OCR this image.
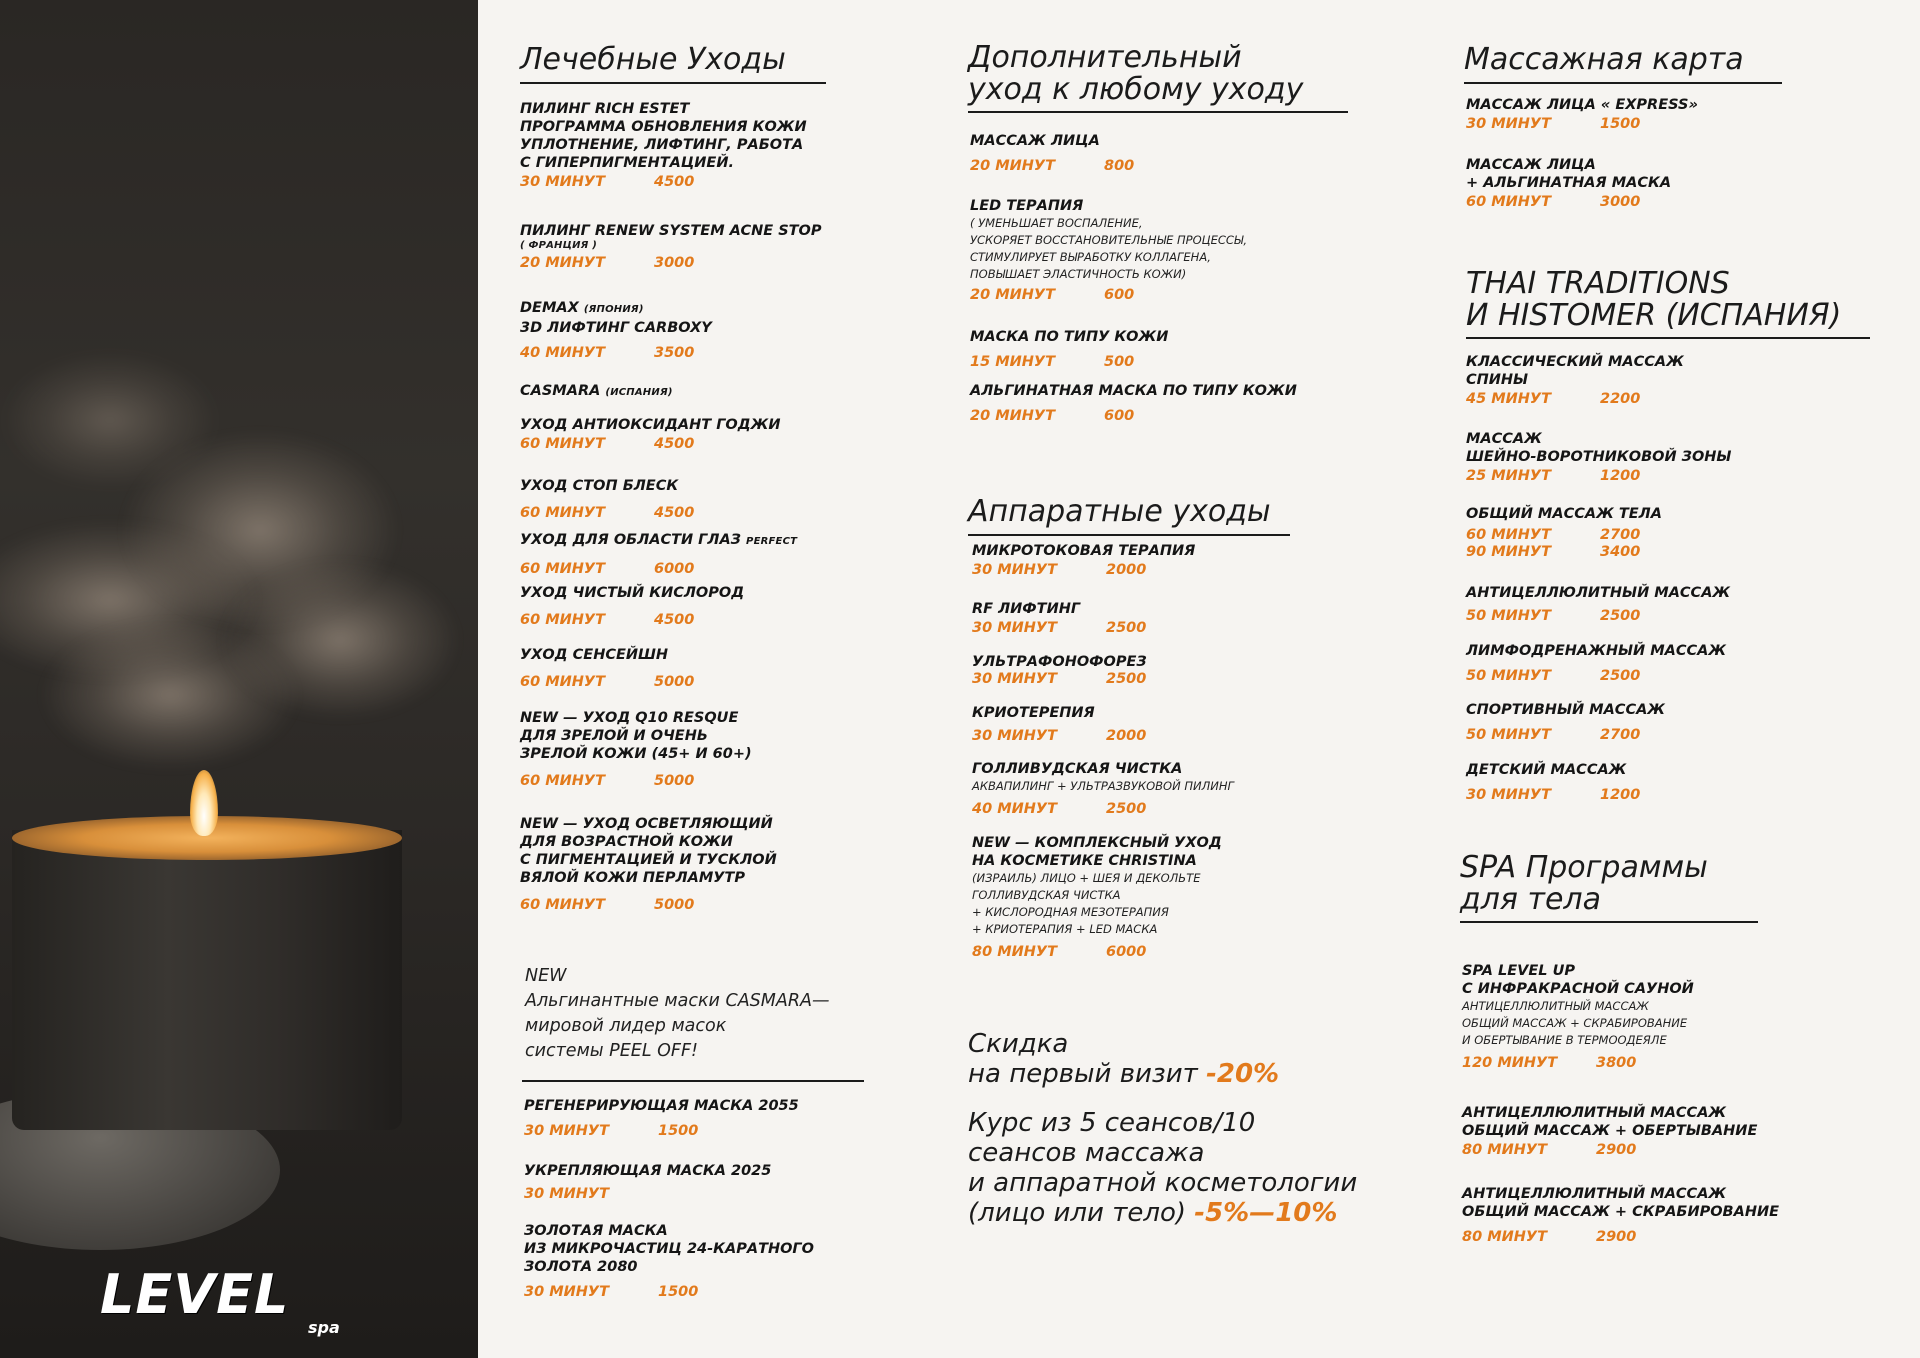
LEVEL
spa
Лечебные Уходы
ПИЛИНГ RICH ESTET
ПРОГРАММА ОБНОВЛЕНИЯ КОЖИ
УПЛОТНЕНИЕ, ЛИФТИНГ, РАБОТА
С ГИПЕРПИГМЕНТАЦИЕЙ.
30 МИНУТ	4500
ПИЛИНГ RENEW SYSTEM ACNE STOP
( ФРАНЦИЯ )
20 МИНУТ	3000
DEMAX (ЯПОНИЯ)
3D ЛИФТИНГ CARBOXY
40 МИНУТ	3500
CASMARA (ИСПАНИЯ)
УХОД АНТИОКСИДАНТ ГОДЖИ
60 МИНУТ	4500
УХОД СТОП БЛЕСК
60 МИНУТ	4500
УХОД ДЛЯ ОБЛАСТИ ГЛАЗ PERFECT
60 МИНУТ	6000
УХОД ЧИСТЫЙ КИСЛОРОД
60 МИНУТ	4500
УХОД СЕНСЕЙШН
60 МИНУТ	5000
NEW — УХОД Q10 RESQUE
ДЛЯ ЗРЕЛОЙ И ОЧЕНЬ
ЗРЕЛОЙ КОЖИ (45+ И 60+)
60 МИНУТ	5000
NEW — УХОД ОСВЕТЛЯЮЩИЙ
ДЛЯ ВОЗРАСТНОЙ КОЖИ
С ПИГМЕНТАЦИЕЙ И ТУСКЛОЙ
ВЯЛОЙ КОЖИ ПЕРЛАМУТР
60 МИНУТ	5000
NEW
Альгинантные маски CASMARA—
мировой лидер масок
системы PEEL OFF!
РЕГЕНЕРИРУЮЩАЯ МАСКА 2055
30 МИНУТ	1500
УКРЕПЛЯЮЩАЯ МАСКА 2025
30 МИНУТ
ЗОЛОТАЯ МАСКА
ИЗ МИКРОЧАСТИЦ 24-КАРАТНОГО
ЗОЛОТА 2080
30 МИНУТ	1500
Дополнительный
уход к любому уходу
МАССАЖ ЛИЦА
20 МИНУТ	800
LED ТЕРАПИЯ
( УМЕНЬШАЕТ ВОСПАЛЕНИЕ,
УСКОРЯЕТ ВОССТАНОВИТЕЛЬНЫЕ ПРОЦЕССЫ,
СТИМУЛИРУЕТ ВЫРАБОТКУ КОЛЛАГЕНА,
ПОВЫШАЕТ ЭЛАСТИЧНОСТЬ КОЖИ)
20 МИНУТ	600
МАСКА ПО ТИПУ КОЖИ
15 МИНУТ	500
АЛЬГИНАТНАЯ МАСКА ПО ТИПУ КОЖИ
20 МИНУТ	600
Аппаратные уходы
МИКРОТОКОВАЯ ТЕРАПИЯ
30 МИНУТ	2000
RF ЛИФТИНГ
30 МИНУТ	2500
УЛЬТРАФОНОФОРЕЗ
30 МИНУТ	2500
КРИОТЕРЕПИЯ
30 МИНУТ	2000
ГОЛЛИВУДСКАЯ ЧИСТКА
АКВАПИЛИНГ + УЛЬТРАЗВУКОВОЙ ПИЛИНГ
40 МИНУТ	2500
NEW — КОМПЛЕКСНЫЙ УХОД
НА КОСМЕТИКЕ CHRISTINA
(ИЗРАИЛЬ) ЛИЦО + ШЕЯ И ДЕКОЛЬТЕ
ГОЛЛИВУДСКАЯ ЧИСТКА
+ КИСЛОРОДНАЯ МЕЗОТЕРАПИЯ
+ КРИОТЕРАПИЯ + LED МАСКА
80 МИНУТ	6000
Скидка
на первый визит -20%
Курс из 5 сеансов/10
сеансов массажа
и аппаратной косметологии
(лицо или тело) -5%—10%
Массажная карта
МАССАЖ ЛИЦА « EXPRESS»
30 МИНУТ	1500
МАССАЖ ЛИЦА
+ АЛЬГИНАТНАЯ МАСКА
60 МИНУТ	3000
THAI TRADITIONS
И HISTOMER (ИСПАНИЯ)
КЛАССИЧЕСКИЙ МАССАЖ
СПИНЫ
45 МИНУТ	2200
МАССАЖ
ШЕЙНО-ВОРОТНИКОВОЙ ЗОНЫ
25 МИНУТ	1200
ОБЩИЙ МАССАЖ ТЕЛА
60 МИНУТ	2700
90 МИНУТ	3400
АНТИЦЕЛЛЮЛИТНЫЙ МАССАЖ
50 МИНУТ	2500
ЛИМФОДРЕНАЖНЫЙ МАССАЖ
50 МИНУТ	2500
СПОРТИВНЫЙ МАССАЖ
50 МИНУТ	2700
ДЕТСКИЙ МАССАЖ
30 МИНУТ	1200
SPA Программы
для тела
SPA LEVEL UP
С ИНФРАКРАСНОЙ САУНОЙ
АНТИЦЕЛЛЮЛИТНЫЙ МАССАЖ
ОБЩИЙ МАССАЖ + СКРАБИРОВАНИЕ
И ОБЕРТЫВАНИЕ В ТЕРМООДЕЯЛЕ
120 МИНУТ	3800
АНТИЦЕЛЛЮЛИТНЫЙ МАССАЖ
ОБЩИЙ МАССАЖ + ОБЕРТЫВАНИЕ
80 МИНУТ	2900
АНТИЦЕЛЛЮЛИТНЫЙ МАССАЖ
ОБЩИЙ МАССАЖ + СКРАБИРОВАНИЕ
80 МИНУТ	2900
